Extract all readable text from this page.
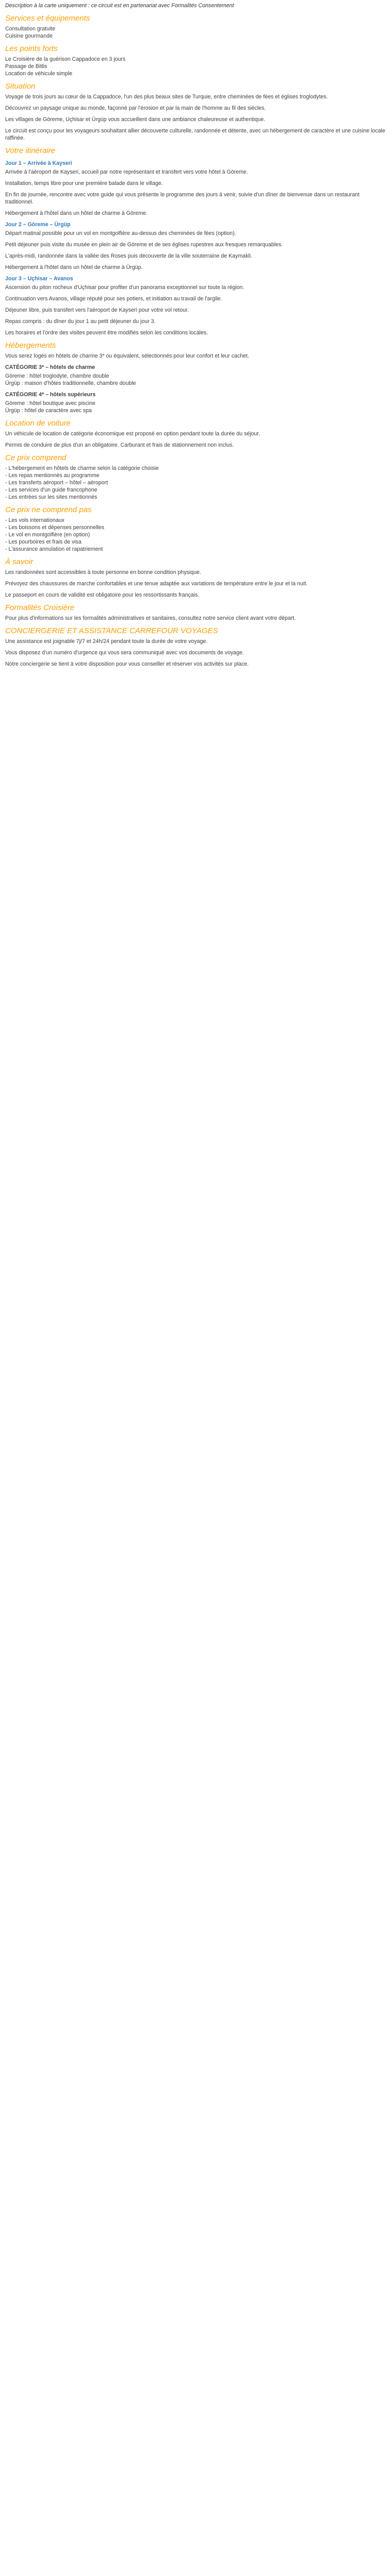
Description à la carte uniquement : ce circuit est en partenariat avec Formalités Consentement

Services et équipements
Consultation gratuite
Cuisine gourmande
Les points forts
Le Croisière de la guérison Cappadoce en 3 jours
Passage de Bitlis
Location de véhicule simple
Situation

Voyage de trois jours au cœur de la Cappadoce, l'un des plus beaux sites de Turquie, entre cheminées de fées et églises troglodytes.

Découvrez un paysage unique au monde, façonné par l'érosion et par la main de l'homme au fil des siècles.

Les villages de Göreme, Uçhisar et Ürgüp vous accueillent dans une ambiance chaleureuse et authentique.

Le circuit est conçu pour les voyageurs souhaitant allier découverte culturelle, randonnée et détente, avec un hébergement de caractère et une cuisine locale raffinée.

Votre itinéraire
Jour 1 – Arrivée à Kayseri

Arrivée à l'aéroport de Kayseri, accueil par notre représentant et transfert vers votre hôtel à Göreme.

Installation, temps libre pour une première balade dans le village.

En fin de journée, rencontre avec votre guide qui vous présente le programme des jours à venir, suivie d'un dîner de bienvenue dans un restaurant traditionnel.

Hébergement à l'hôtel dans un hôtel de charme à Göreme.

Jour 2 – Göreme – Ürgüp

Départ matinal possible pour un vol en montgolfière au-dessus des cheminées de fées (option).

Petit déjeuner puis visite du musée en plein air de Göreme et de ses églises rupestres aux fresques remarquables.

L'après-midi, randonnée dans la vallée des Roses puis découverte de la ville souterraine de Kaymakli.

Hébergement à l'hôtel dans un hôtel de charme à Ürgüp.

Jour 3 – Uçhisar – Avanos

Ascension du piton rocheux d'Uçhisar pour profiter d'un panorama exceptionnel sur toute la région.

Continuation vers Avanos, village réputé pour ses potiers, et initiation au travail de l'argile.

Déjeuner libre, puis transfert vers l'aéroport de Kayseri pour votre vol retour.

Repas compris : du dîner du jour 1 au petit déjeuner du jour 3.

Les horaires et l'ordre des visites peuvent être modifiés selon les conditions locales.

Hébergements

Vous serez logés en hôtels de charme 3* ou équivalent, sélectionnés pour leur confort et leur cachet.

CATÉGORIE 3* – hôtels de charme
Göreme : hôtel troglodyte, chambre double
Ürgüp : maison d'hôtes traditionnelle, chambre double
CATÉGORIE 4* – hôtels supérieurs
Göreme : hôtel boutique avec piscine
Ürgüp : hôtel de caractère avec spa
Location de voiture

Un véhicule de location de catégorie économique est proposé en option pendant toute la durée du séjour.

Permis de conduire de plus d'un an obligatoire. Carburant et frais de stationnement non inclus.

Ce prix comprend
- L'hébergement en hôtels de charme selon la catégorie choisie
- Les repas mentionnés au programme
- Les transferts aéroport – hôtel – aéroport
- Les services d'un guide francophone
- Les entrées sur les sites mentionnés
Ce prix ne comprend pas
- Les vols internationaux
- Les boissons et dépenses personnelles
- Le vol en montgolfière (en option)
- Les pourboires et frais de visa
- L'assurance annulation et rapatriement
À savoir

Les randonnées sont accessibles à toute personne en bonne condition physique.

Prévoyez des chaussures de marche confortables et une tenue adaptée aux variations de température entre le jour et la nuit.

Le passeport en cours de validité est obligatoire pour les ressortissants français.

Formalités Croisière

Pour plus d'informations sur les formalités administratives et sanitaires, consultez notre service client avant votre départ.

CONCIERGERIE ET ASSISTANCE CARREFOUR VOYAGES

Une assistance est joignable 7j/7 et 24h/24 pendant toute la durée de votre voyage.

Vous disposez d'un numéro d'urgence qui vous sera communiqué avec vos documents de voyage.

Notre conciergerie se tient à votre disposition pour vous conseiller et réserver vos activités sur place.
